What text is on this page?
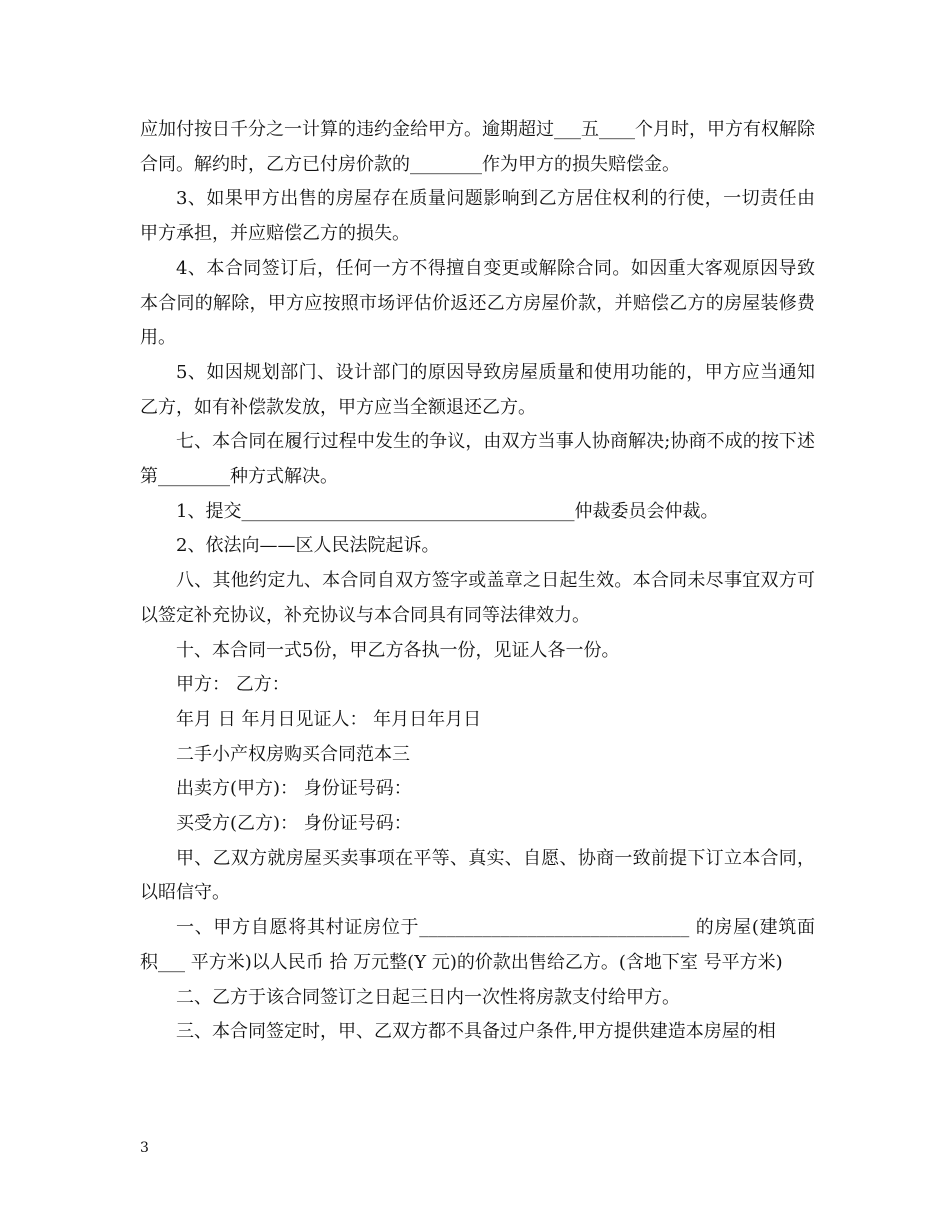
应加付按日千分之一计算的违约金给甲方。逾期超过___五____个月时，甲方有权解除合同。解约时，乙方已付房价款的________作为甲方的损失赔偿金。

3、如果甲方出售的房屋存在质量问题影响到乙方居住权利的行使，一切责任由甲方承担，并应赔偿乙方的损失。

4、本合同签订后，任何一方不得擅自变更或解除合同。如因重大客观原因导致本合同的解除，甲方应按照市场评估价返还乙方房屋价款，并赔偿乙方的房屋装修费用。

5、如因规划部门、设计部门的原因导致房屋质量和使用功能的，甲方应当通知乙方，如有补偿款发放，甲方应当全额退还乙方。

七、本合同在履行过程中发生的争议，由双方当事人协商解决;协商不成的按下述第________种方式解决。

1、提交_____________________________________仲裁委员会仲裁。

2、依法向——区人民法院起诉。

八、其他约定九、本合同自双方签字或盖章之日起生效。本合同未尽事宜双方可以签定补充协议，补充协议与本合同具有同等法律效力。

十、本合同一式5份，甲乙方各执一份，见证人各一份。

甲方： 乙方：

年月 日 年月日见证人： 年月日年月日

二手小产权房购买合同范本三

出卖方(甲方)： 身份证号码：

买受方(乙方)： 身份证号码：

甲、乙双方就房屋买卖事项在平等、真实、自愿、协商一致前提下订立本合同，以昭信守。

一、甲方自愿将其村证房位于______________________________ 的房屋(建筑面积___ 平方米)以人民币 拾 万元整(Y 元)的价款出售给乙方。(含地下室 号平方米)

二、乙方于该合同签订之日起三日内一次性将房款支付给甲方。

三、本合同签定时，甲、乙双方都不具备过户条件,甲方提供建造本房屋的相

3
